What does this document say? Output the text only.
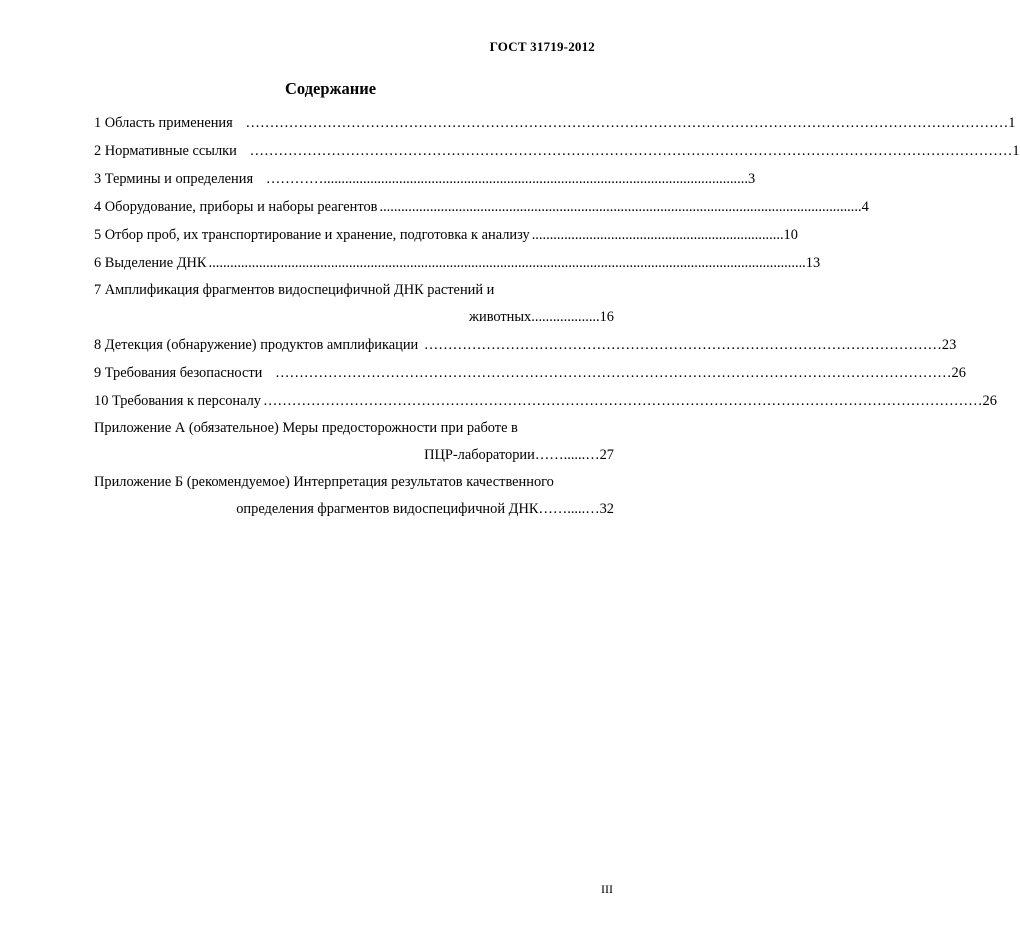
ГОСТ 31719-2012
Содержание
1 Область применения …………………………………………………………………………………………………………………………………………… 1
2 Нормативные ссылки …………………………………………………………………………………………………………………………………………… 1
3 Термины и определения …………...................................................................................................................... 3
4 Оборудование, приборы и наборы реагентов ...................................................................................................................................... 4
5 Отбор проб, их транспортирование и хранение, подготовка к анализу ...................................................................... 10
6 Выделение ДНК ...................................................................................................................................................................... 13
7 Амплификация фрагментов видоспецифичной ДНК растений и
животных ................... 16
8 Детекция (обнаружение) продуктов амплификации ……………………………………………………………………………………………… 23
9 Требования безопасности …………………………………………………………………………………………………………………………… 26
10 Требования к персоналу …………………………………………………………………………………………………………………………………… 26
Приложение А (обязательное) Меры предосторожности при работе в
ПЦР-лаборатории ……......… 27
Приложение Б (рекомендуемое) Интерпретация результатов качественного
определения фрагментов видоспецифичной ДНК …….....… 32
III
